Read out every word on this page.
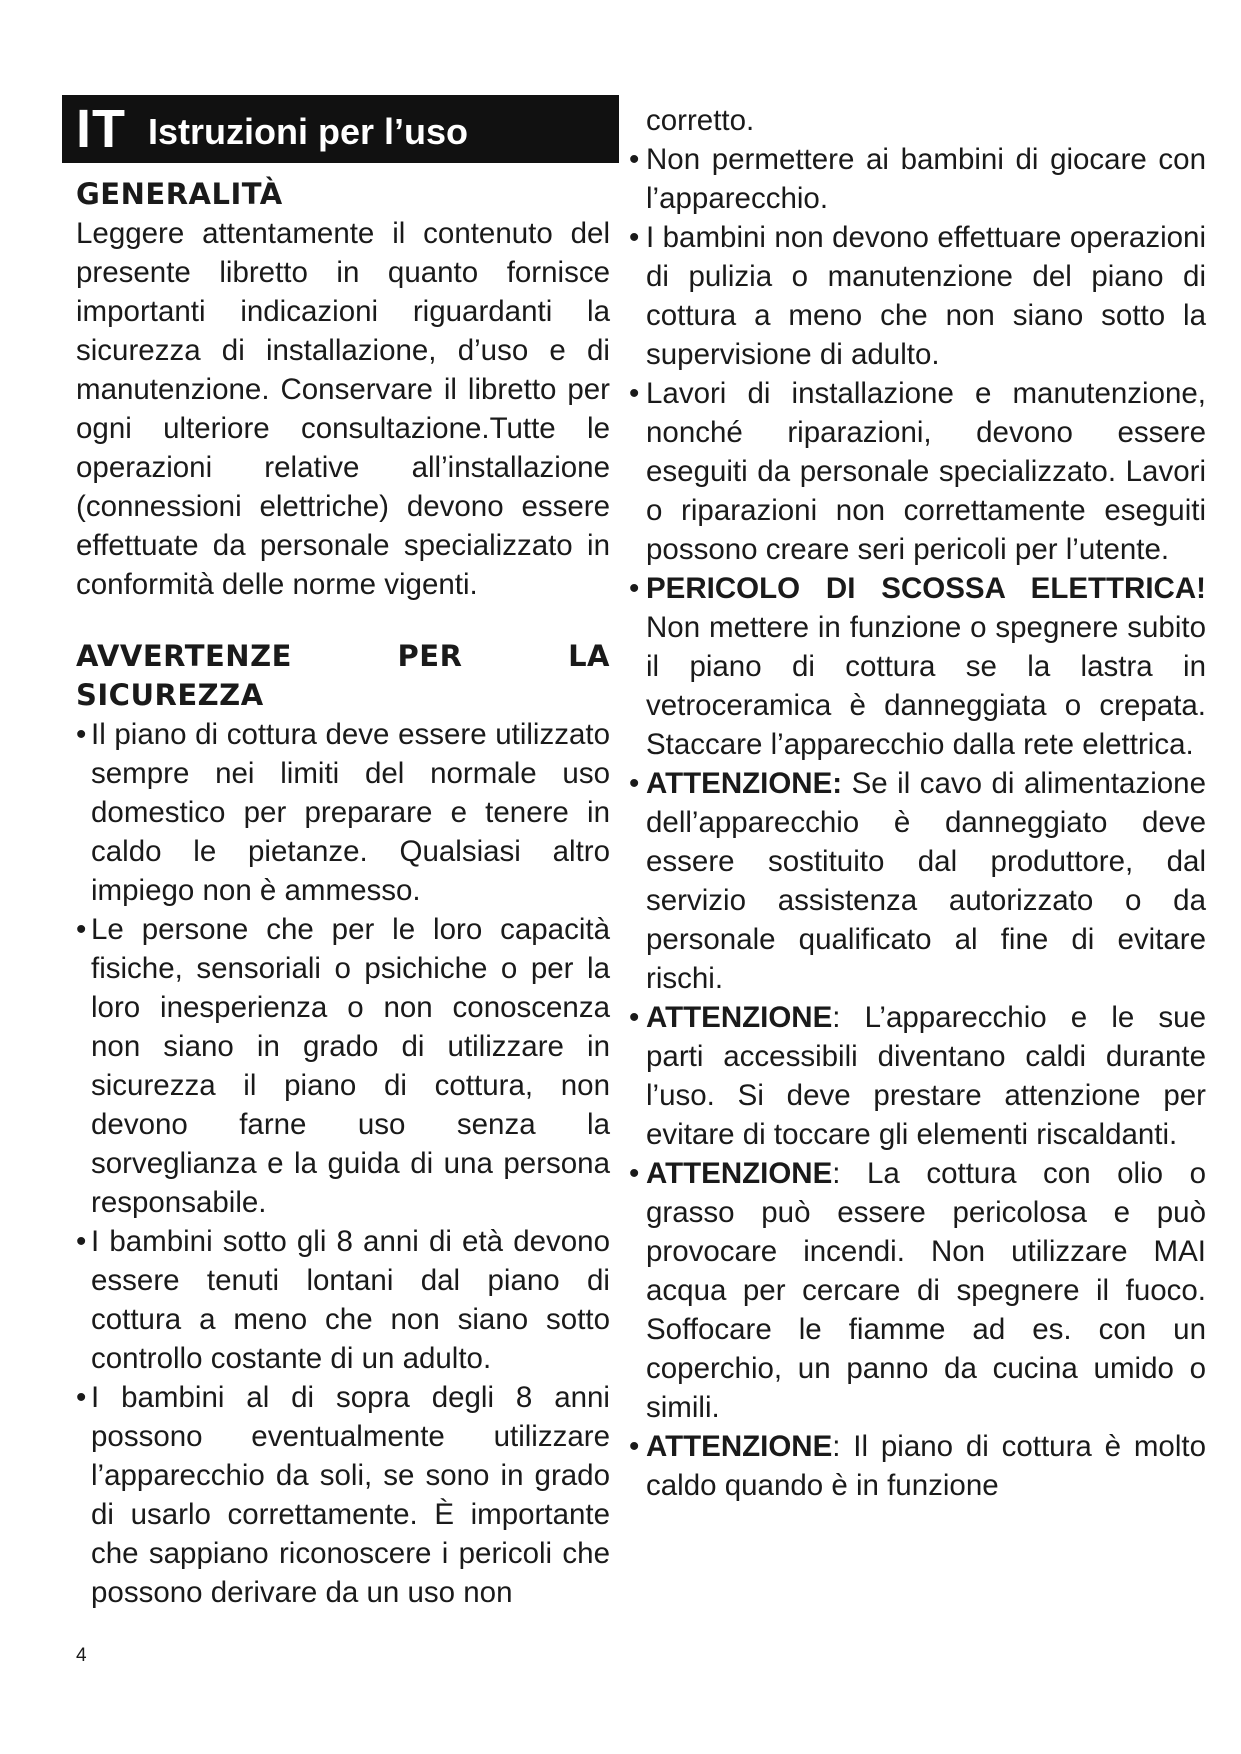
IT Istruzioni per l’uso
GENERALITÀ

Leggere attentamente il contenuto del presente libretto in quanto fornisce importanti indicazioni riguardanti la sicurezza di installazione, d’uso e di manutenzione. Conservare il libretto per ogni ulteriore consultazione.Tutte le operazioni relative all’installazione (connessioni elettriche) devono essere effettuate da personale specializzato in conformità delle norme vigenti.

AVVERTENZE PER LA SICUREZZA

• Il piano di cottura deve essere utilizzato sempre nei limiti del normale uso domestico per preparare e tenere in caldo le pietanze. Qualsiasi altro impiego non è ammesso.

• Le persone che per le loro capacità fisiche, sensoriali o psichiche o per la loro inesperienza o non conoscenza non siano in grado di utilizzare in sicurezza il piano di cottura, non devono farne uso senza la sorveglianza e la guida di una persona responsabile.

• I bambini sotto gli 8 anni di età devono essere tenuti lontani dal piano di cottura a meno che non siano sotto controllo costante di un adulto.

• I bambini al di sopra degli 8 anni possono eventualmente utilizzare l’apparecchio da soli, se sono in grado di usarlo correttamente. È importante che sappiano riconoscere i pericoli che possono derivare da un uso non

corretto.

• Non permettere ai bambini di giocare con l’apparecchio.

• I bambini non devono effettuare operazioni di pulizia o manutenzione del piano di cottura a meno che non siano sotto la supervisione di adulto.

• Lavori di installazione e manutenzione, nonché riparazioni, devono essere eseguiti da personale specializzato. Lavori o riparazioni non correttamente eseguiti possono creare seri pericoli per l’utente.

• PERICOLO DI SCOSSA ELETTRICA! Non mettere in funzione o spegnere subito il piano di cottura se la lastra in vetroceramica è danneggiata o crepata. Staccare l’apparecchio dalla rete elettrica.

• ATTENZIONE: Se il cavo di alimentazione dell’apparecchio è danneggiato deve essere sostituito dal produttore, dal servizio assistenza autorizzato o da personale qualificato al fine di evitare rischi.

• ATTENZIONE: L’apparecchio e le sue parti accessibili diventano caldi durante l’uso. Si deve prestare attenzione per evitare di toccare gli elementi riscaldanti.

• ATTENZIONE: La cottura con olio o grasso può essere pericolosa e può provocare incendi. Non utilizzare MAI acqua per cercare di spegnere il fuoco. Soffocare le fiamme ad es. con un coperchio, un panno da cucina umido o simili.

• ATTENZIONE: Il piano di cottura è molto caldo quando è in funzione

4
